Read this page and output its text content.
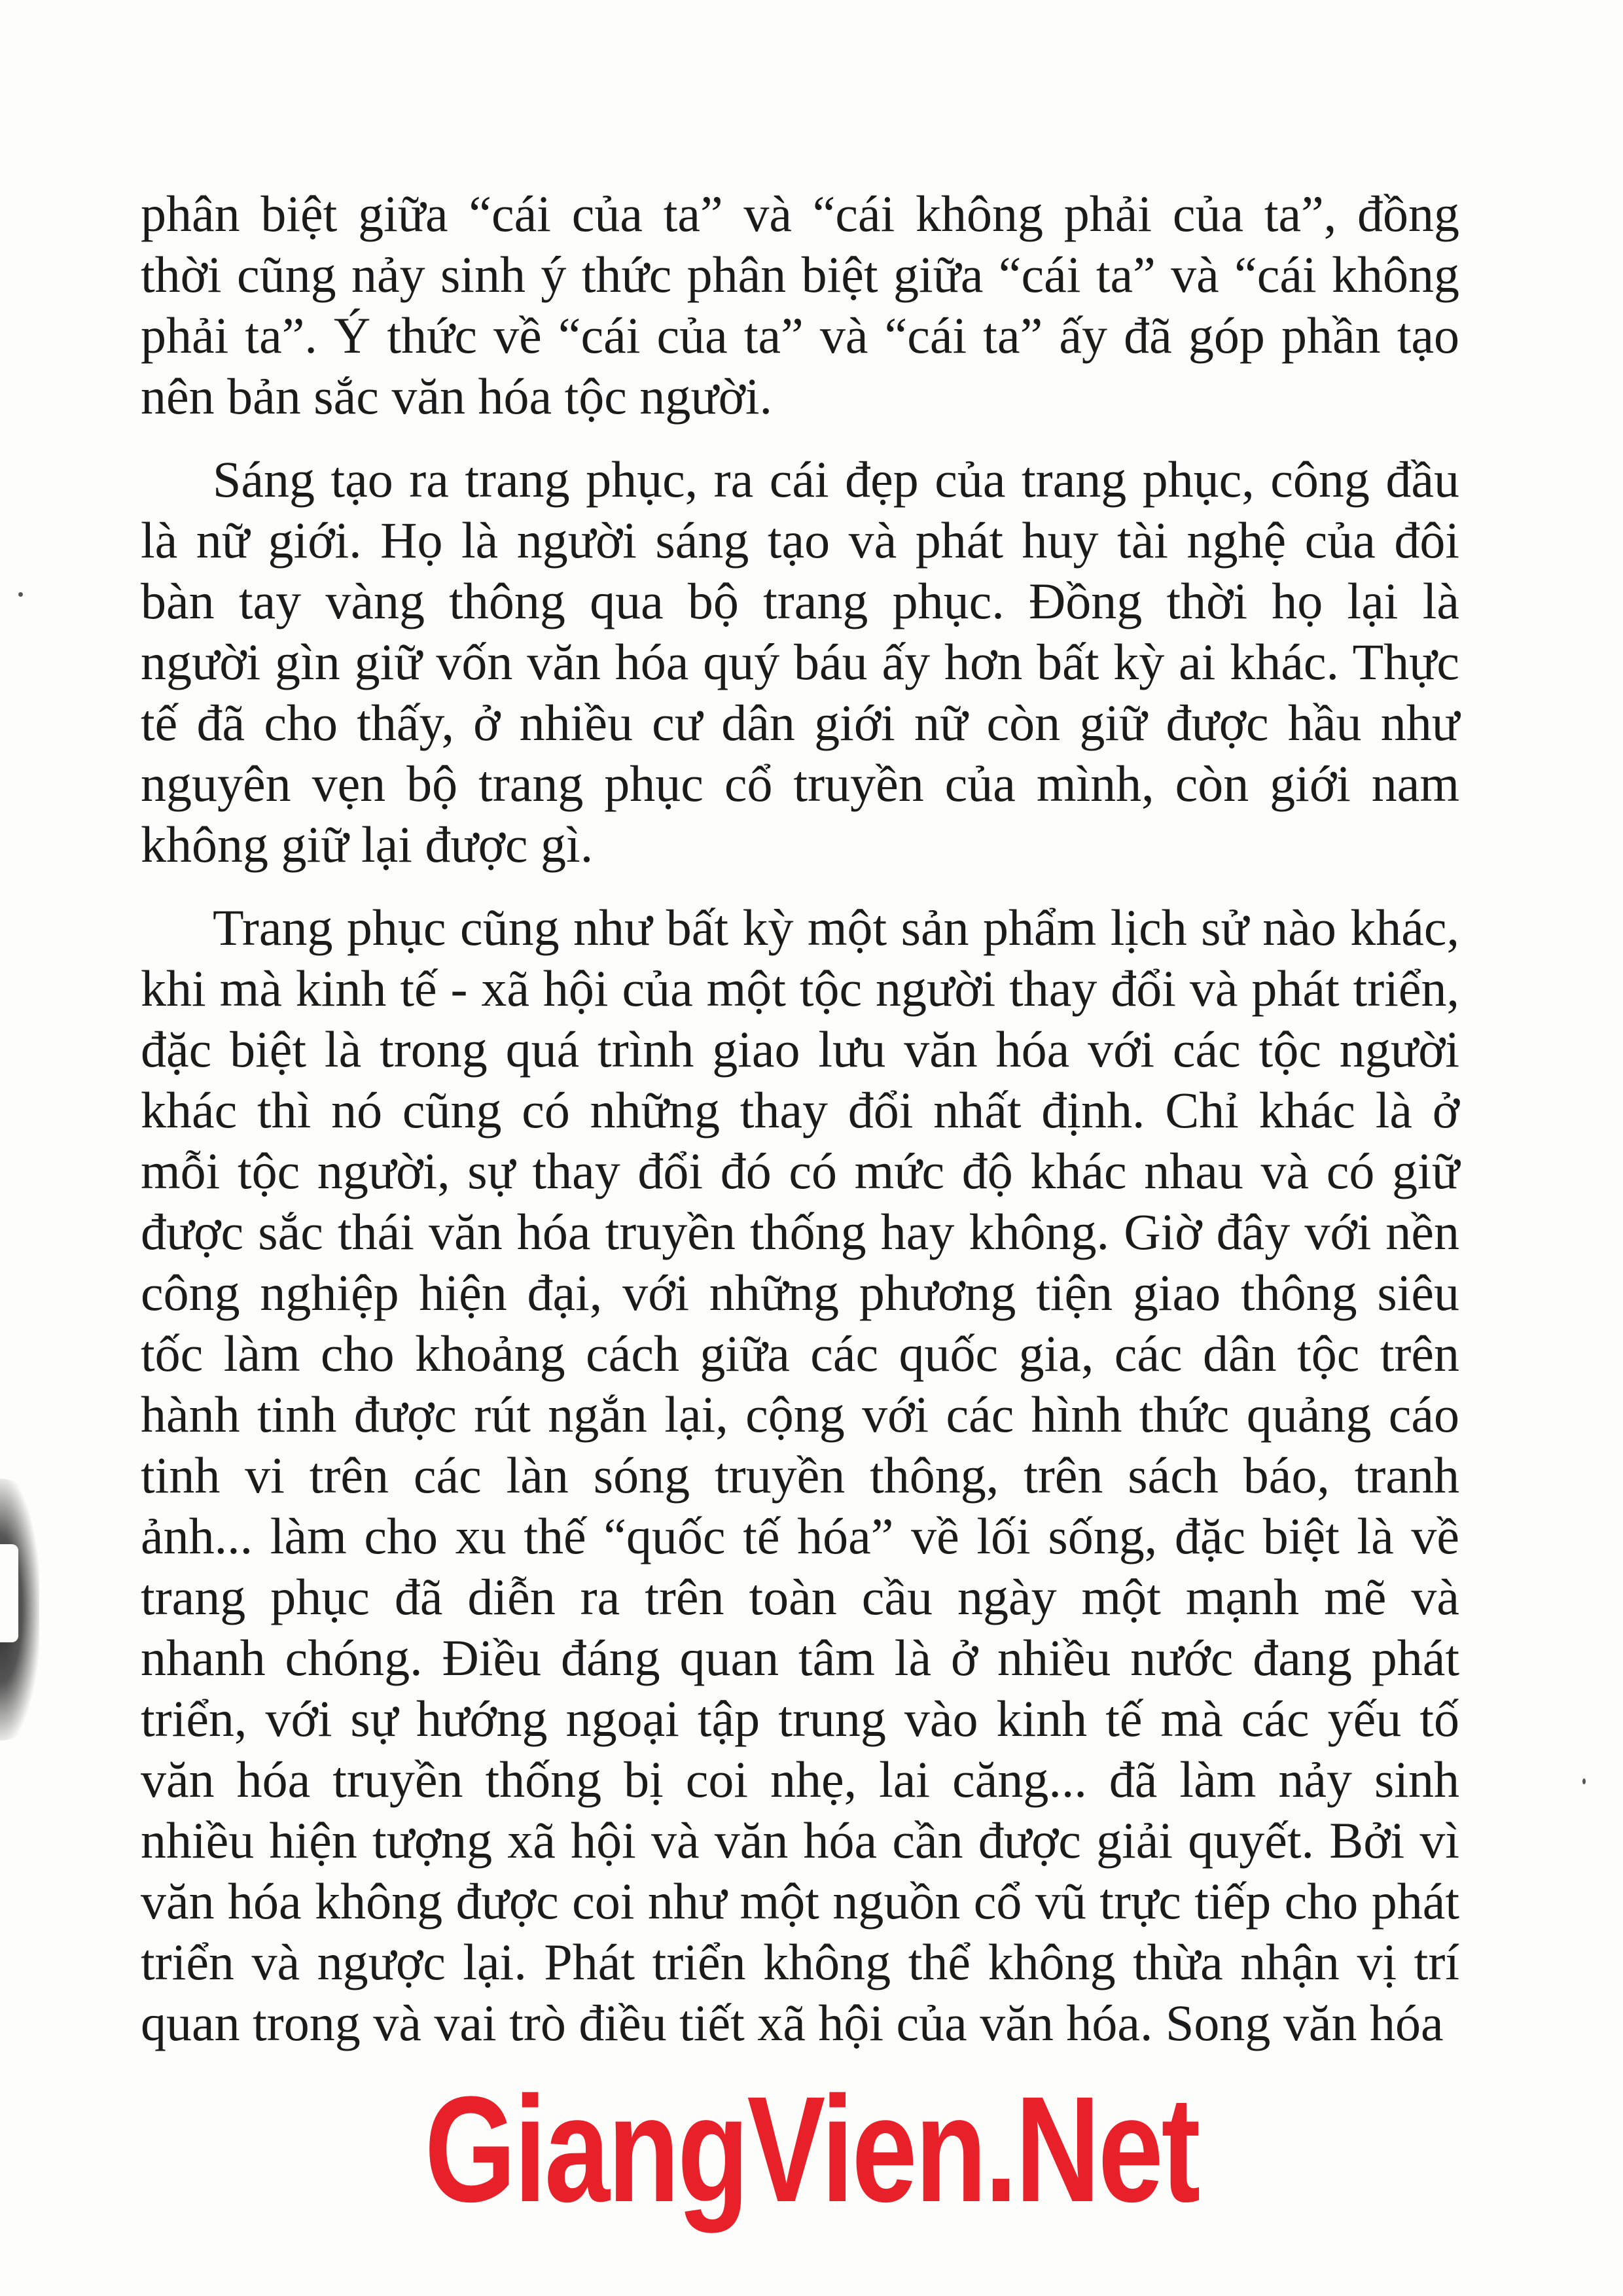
phân biệt giữa “cái của ta” và “cái không phải của ta”, đồng
thời cũng nảy sinh ý thức phân biệt giữa “cái ta” và “cái không
phải ta”. Ý thức về “cái của ta” và “cái ta” ấy đã góp phần tạo
nên bản sắc văn hóa tộc người.
Sáng tạo ra trang phục, ra cái đẹp của trang phục, công đầu
là nữ giới. Họ là người sáng tạo và phát huy tài nghệ của đôi
bàn tay vàng thông qua bộ trang phục. Đồng thời họ lại là
người gìn giữ vốn văn hóa quý báu ấy hơn bất kỳ ai khác. Thực
tế đã cho thấy, ở nhiều cư dân giới nữ còn giữ được hầu như
nguyên vẹn bộ trang phục cổ truyền của mình, còn giới nam
không giữ lại được gì.
Trang phục cũng như bất kỳ một sản phẩm lịch sử nào khác,
khi mà kinh tế - xã hội của một tộc người thay đổi và phát triển,
đặc biệt là trong quá trình giao lưu văn hóa với các tộc người
khác thì nó cũng có những thay đổi nhất định. Chỉ khác là ở
mỗi tộc người, sự thay đổi đó có mức độ khác nhau và có giữ
được sắc thái văn hóa truyền thống hay không. Giờ đây với nền
công nghiệp hiện đại, với những phương tiện giao thông siêu
tốc làm cho khoảng cách giữa các quốc gia, các dân tộc trên
hành tinh được rút ngắn lại, cộng với các hình thức quảng cáo
tinh vi trên các làn sóng truyền thông, trên sách báo, tranh
ảnh... làm cho xu thế “quốc tế hóa” về lối sống, đặc biệt là về
trang phục đã diễn ra trên toàn cầu ngày một mạnh mẽ và
nhanh chóng. Điều đáng quan tâm là ở nhiều nước đang phát
triển, với sự hướng ngoại tập trung vào kinh tế mà các yếu tố
văn hóa truyền thống bị coi nhẹ, lai căng... đã làm nảy sinh
nhiều hiện tượng xã hội và văn hóa cần được giải quyết. Bởi vì
văn hóa không được coi như một nguồn cổ vũ trực tiếp cho phát
triển và ngược lại. Phát triển không thể không thừa nhận vị trí
quan trong và vai trò điều tiết xã hội của văn hóa. Song văn hóa
GiangVien.Net
